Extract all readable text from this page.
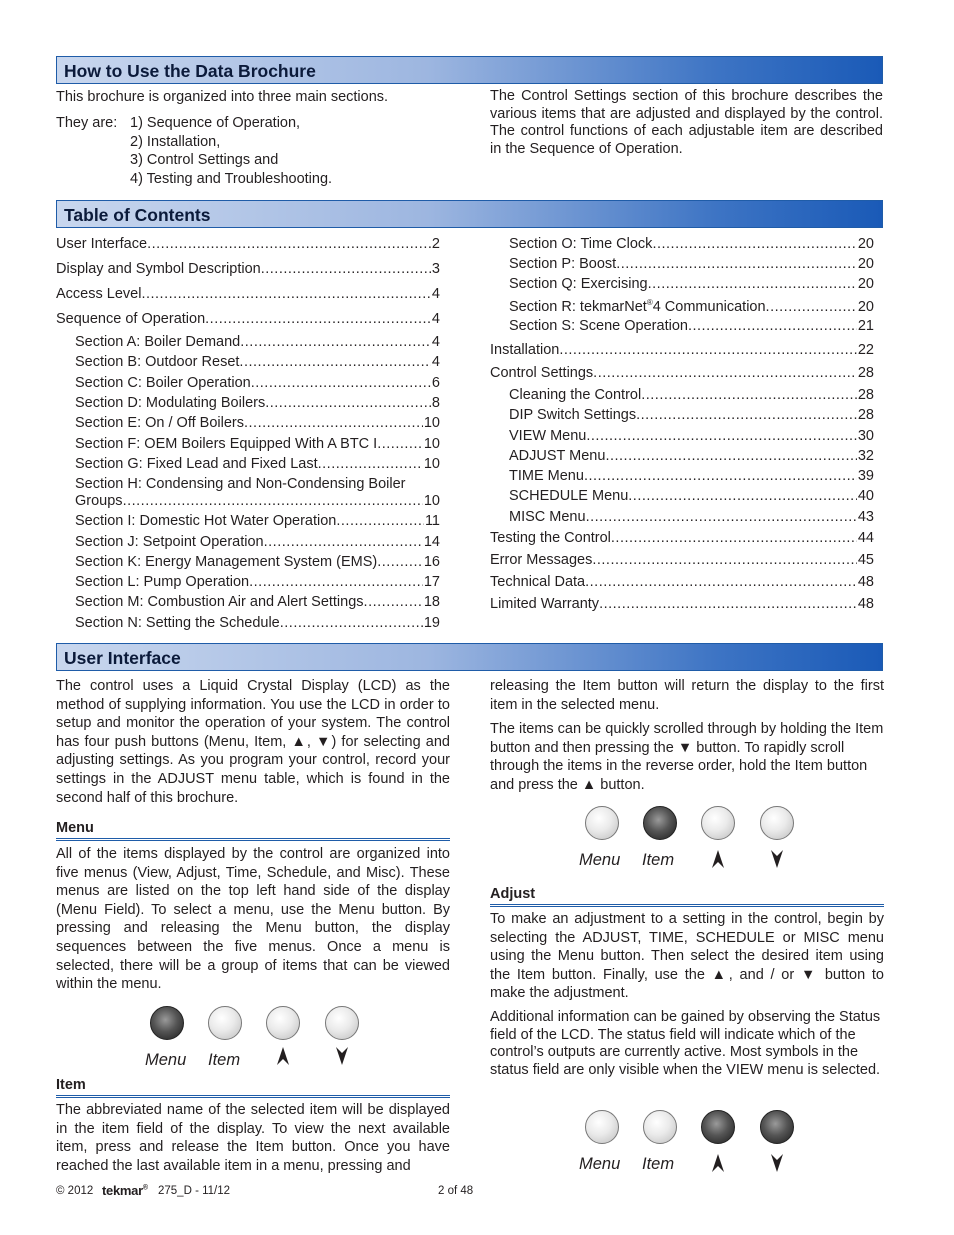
How to Use the Data Brochure
This brochure is organized into three main sections.
They are: 1) Sequence of Operation,
2) Installation,
3) Control Settings and
4) Testing and Troubleshooting.
The Control Settings section of this brochure describes the various items that are adjusted and displayed by the control. The control functions of each adjustable item are described in the Sequence of Operation.
Table of Contents
User Interface .....	2
Display and Symbol Description .....	3
Access Level .....	4
Sequence of Operation .....	4
Section A: Boiler Demand .....	4
Section B: Outdoor Reset .....	4
Section C: Boiler Operation .....	6
Section D: Modulating Boilers .....	8
Section E: On / Off Boilers .....	10
Section F: OEM Boilers Equipped With A BTC I .....	10
Section G: Fixed Lead and Fixed Last .....	10
Section H: Condensing and Non-Condensing Boiler
Groups .....	10
Section I: Domestic Hot Water Operation .....	11
Section J: Setpoint Operation .....	14
Section K: Energy Management System (EMS) .....	16
Section L: Pump Operation .....	17
Section M: Combustion Air and Alert Settings .....	18
Section N: Setting the Schedule .....	19
Section O: Time Clock .....	20
Section P: Boost .....	20
Section Q: Exercising .....	20
Section R: tekmarNet®4 Communication .....	20
Section S: Scene Operation .....	21
Installation .....	22
Control Settings .....	28
Cleaning the Control .....	28
DIP Switch Settings .....	28
VIEW Menu .....	30
ADJUST Menu .....	32
TIME Menu .....	39
SCHEDULE Menu .....	40
MISC Menu .....	43
Testing the Control .....	44
Error Messages .....	45
Technical Data .....	48
Limited Warranty .....	48
User Interface
The control uses a Liquid Crystal Display (LCD) as the method of supplying information. You use the LCD in order to setup and monitor the operation of your system. The control has four push buttons (Menu, Item, ▲, ▼) for selecting and adjusting settings. As you program your control, record your settings in the ADJUST menu table, which is found in the second half of this brochure.
Menu
All of the items displayed by the control are organized into five menus (View, Adjust, Time, Schedule, and Misc). These menus are listed on the top left hand side of the display (Menu Field). To select a menu, use the Menu button. By pressing and releasing the Menu button, the display sequences between the five menus. Once a menu is selected, there will be a group of items that can be viewed within the menu.
Menu Item
Item
The abbreviated name of the selected item will be displayed in the item field of the display. To view the next available item, press and release the Item button. Once you have reached the last available item in a menu, pressing and
releasing the Item button will return the display to the first item in the selected menu.
The items can be quickly scrolled through by holding the Item button and then pressing the ▼ button. To rapidly scroll through the items in the reverse order, hold the Item button and press the ▲ button.
Menu Item
Adjust
To make an adjustment to a setting in the control, begin by selecting the ADJUST, TIME, SCHEDULE or MISC menu using the Menu button. Then select the desired item using the Item button. Finally, use the ▲, and / or ▼ button to make the adjustment.
Additional information can be gained by observing the Status field of the LCD. The status field will indicate which of the control’s outputs are currently active. Most symbols in the status field are only visible when the VIEW menu is selected.
Menu Item
© 2012 tekmar® 275_D - 11/12	2 of 48
